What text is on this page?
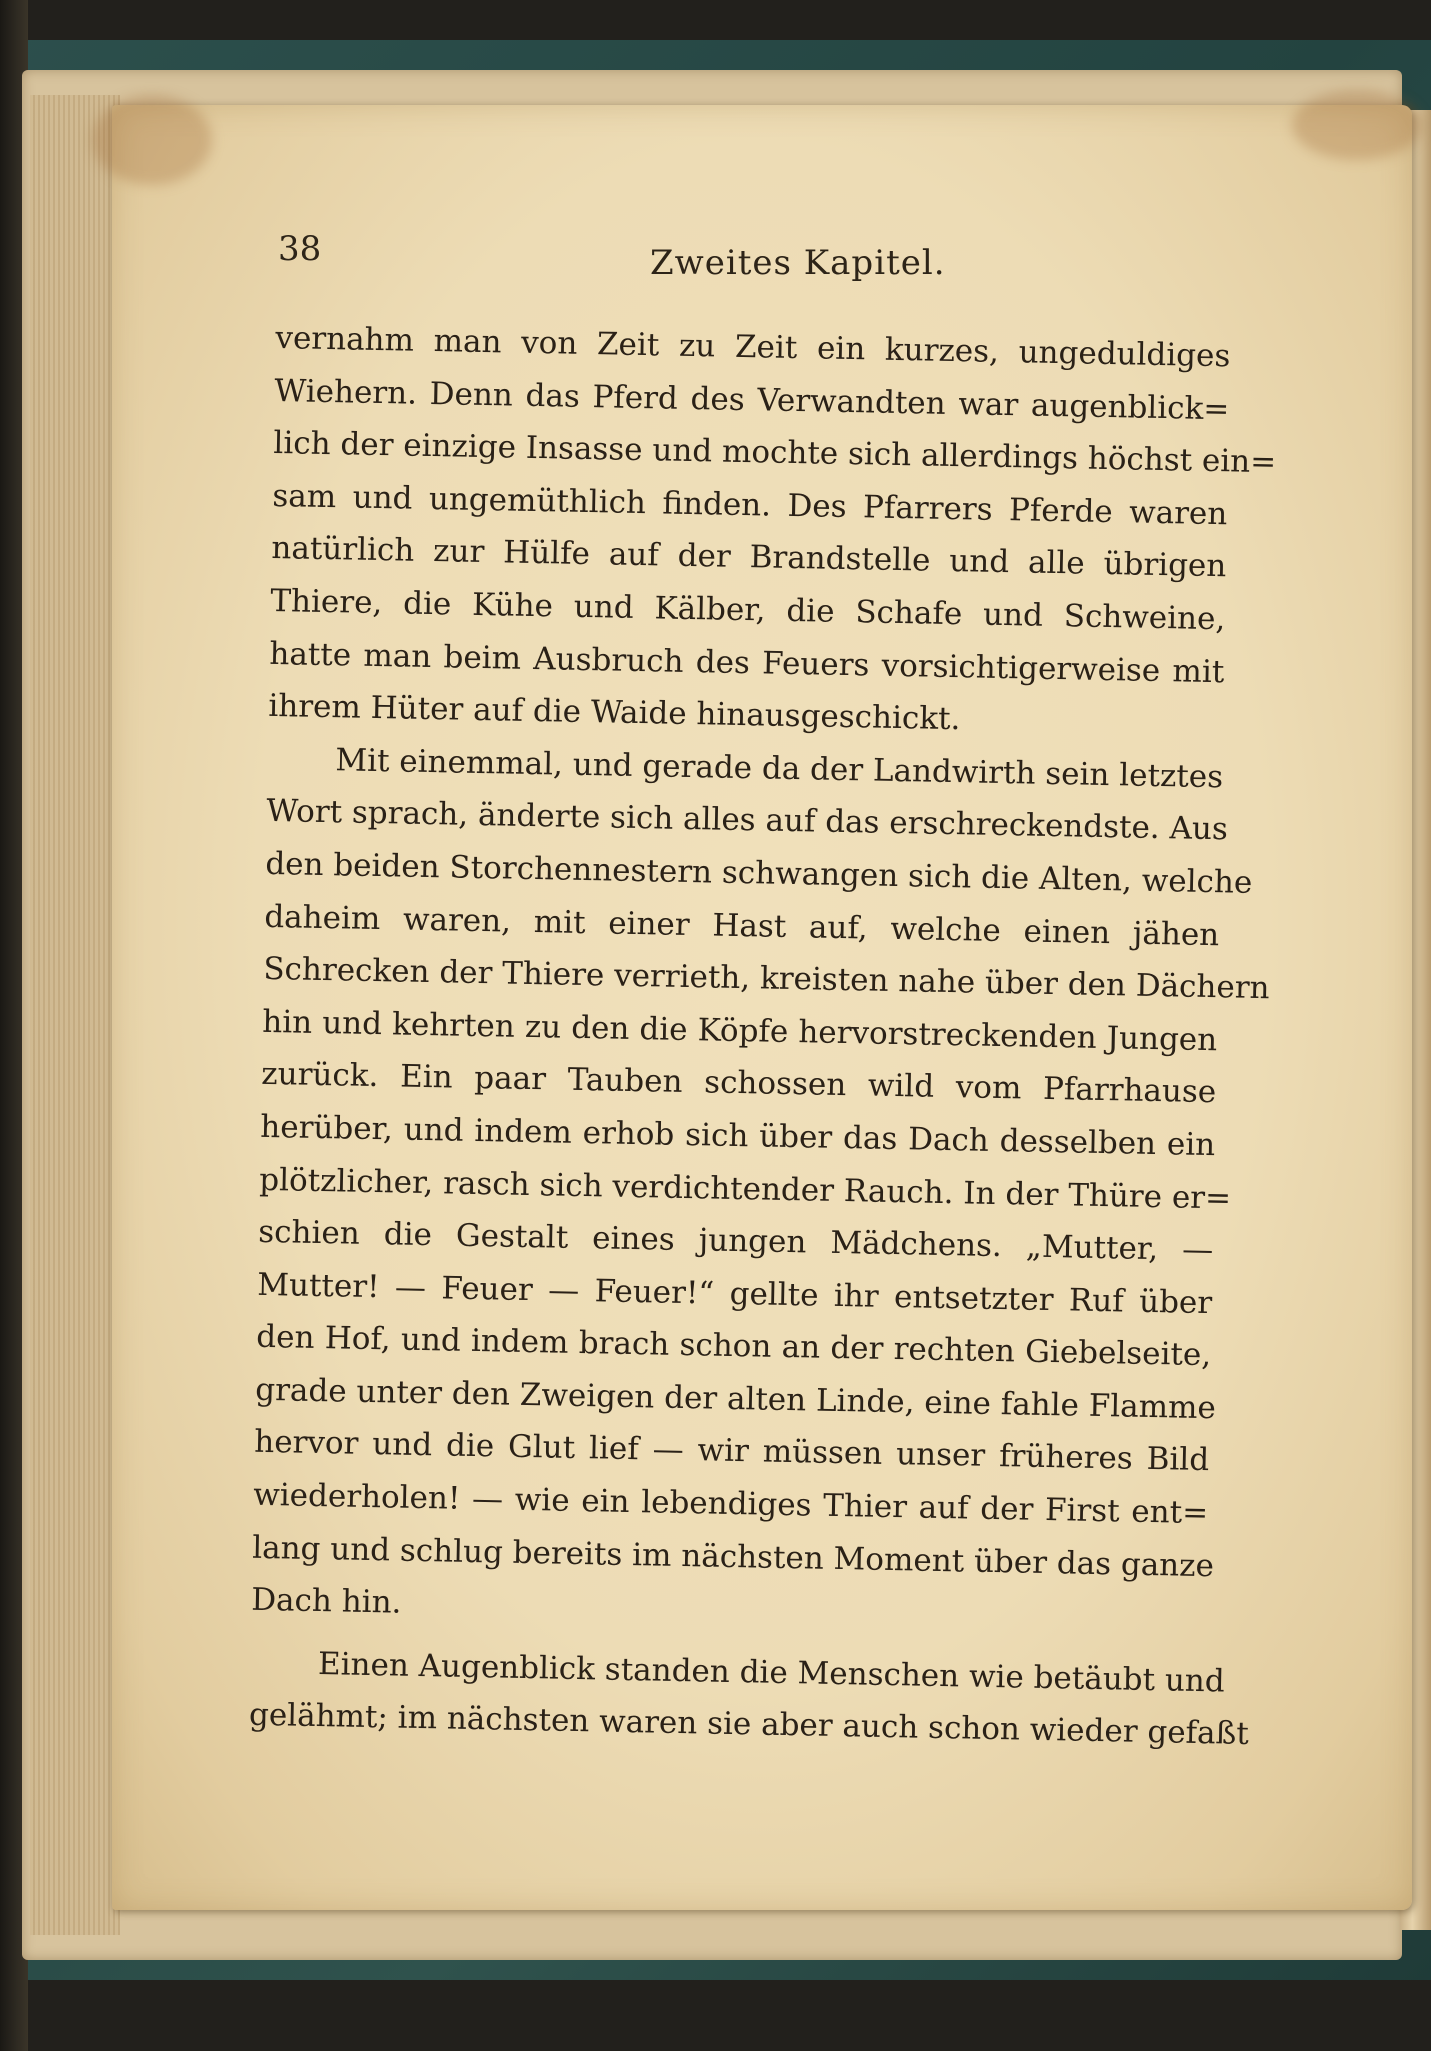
38	Zweites Kapitel.
vernahm man von Zeit zu Zeit ein kurzes, ungeduldiges
Wiehern. Denn das Pferd des Verwandten war augenblick=
lich der einzige Insasse und mochte sich allerdings höchst ein=
sam und ungemüthlich finden. Des Pfarrers Pferde waren
natürlich zur Hülfe auf der Brandstelle und alle übrigen
Thiere, die Kühe und Kälber, die Schafe und Schweine,
hatte man beim Ausbruch des Feuers vorsichtigerweise mit
ihrem Hüter auf die Waide hinausgeschickt.
Mit einemmal, und gerade da der Landwirth sein letztes
Wort sprach, änderte sich alles auf das erschreckendste. Aus
den beiden Storchennestern schwangen sich die Alten, welche
daheim waren, mit einer Hast auf, welche einen jähen
Schrecken der Thiere verrieth, kreisten nahe über den Dächern
hin und kehrten zu den die Köpfe hervorstreckenden Jungen
zurück. Ein paar Tauben schossen wild vom Pfarrhause
herüber, und indem erhob sich über das Dach desselben ein
plötzlicher, rasch sich verdichtender Rauch. In der Thüre er=
schien die Gestalt eines jungen Mädchens. „Mutter, —
Mutter! — Feuer — Feuer!“ gellte ihr entsetzter Ruf über
den Hof, und indem brach schon an der rechten Giebelseite,
grade unter den Zweigen der alten Linde, eine fahle Flamme
hervor und die Glut lief — wir müssen unser früheres Bild
wiederholen! — wie ein lebendiges Thier auf der First ent=
lang und schlug bereits im nächsten Moment über das ganze
Dach hin.
Einen Augenblick standen die Menschen wie betäubt und
gelähmt; im nächsten waren sie aber auch schon wieder gefaßt
